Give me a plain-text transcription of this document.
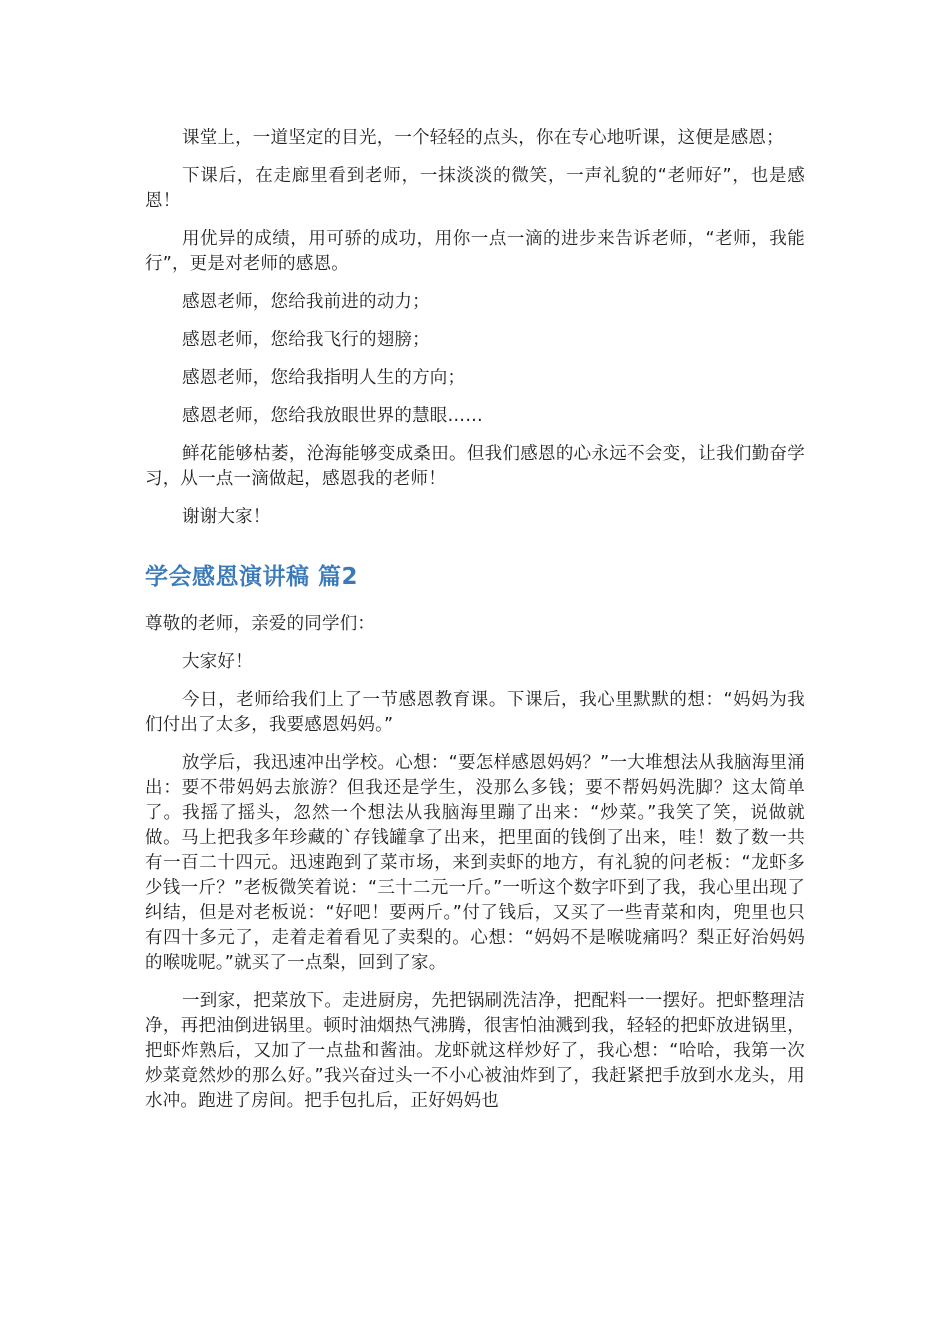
课堂上，一道坚定的目光，一个轻轻的点头，你在专心地听课，这便是感恩；

下课后，在走廊里看到老师，一抹淡淡的微笑，一声礼貌的“老师好”，也是感恩！

用优异的成绩，用可骄的成功，用你一点一滴的进步来告诉老师，“老师，我能行”，更是对老师的感恩。

感恩老师，您给我前进的动力；

感恩老师，您给我飞行的翅膀；

感恩老师，您给我指明人生的方向；

感恩老师，您给我放眼世界的慧眼……

鲜花能够枯萎，沧海能够变成桑田。但我们感恩的心永远不会变，让我们勤奋学习，从一点一滴做起，感恩我的老师！

谢谢大家！

学会感恩演讲稿 篇2

尊敬的老师，亲爱的同学们：

大家好！

今日，老师给我们上了一节感恩教育课。下课后，我心里默默的想：“妈妈为我们付出了太多，我要感恩妈妈。”

放学后，我迅速冲出学校。心想：“要怎样感恩妈妈？”一大堆想法从我脑海里涌出：要不带妈妈去旅游？但我还是学生，没那么多钱；要不帮妈妈洗脚？这太简单了。我摇了摇头，忽然一个想法从我脑海里蹦了出来：“炒菜。”我笑了笑，说做就做。马上把我多年珍藏的`存钱罐拿了出来，把里面的钱倒了出来，哇！数了数一共有一百二十四元。迅速跑到了菜市场，来到卖虾的地方，有礼貌的问老板：“龙虾多少钱一斤？”老板微笑着说：“三十二元一斤。”一听这个数字吓到了我，我心里出现了纠结，但是对老板说：“好吧！要两斤。”付了钱后，又买了一些青菜和肉，兜里也只有四十多元了，走着走着看见了卖梨的。心想：“妈妈不是喉咙痛吗？梨正好治妈妈的喉咙呢。”就买了一点梨，回到了家。

一到家，把菜放下。走进厨房，先把锅刷洗洁净，把配料一一摆好。把虾整理洁净，再把油倒进锅里。顿时油烟热气沸腾，很害怕油溅到我，轻轻的把虾放进锅里，把虾炸熟后，又加了一点盐和酱油。龙虾就这样炒好了，我心想：“哈哈，我第一次炒菜竟然炒的那么好。”我兴奋过头一不小心被油炸到了，我赶紧把手放到水龙头，用水冲。跑进了房间。把手包扎后，正好妈妈也
